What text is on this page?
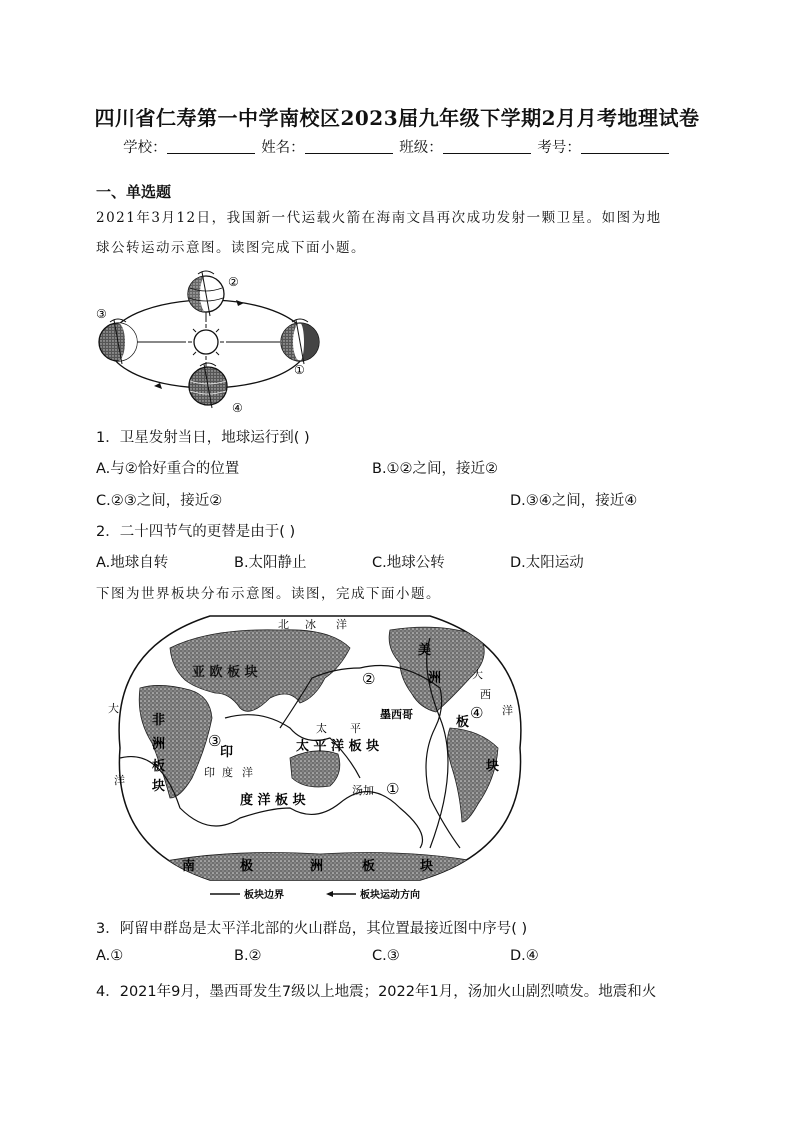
四川省仁寿第一中学南校区2023届九年级下学期2月月考地理试卷
学校：	姓名：	班级：	考号：
一、单选题
2021年3月12日，我国新一代运载火箭在海南文昌再次成功发射一颗卫星。如图为地
球公转运动示意图。读图完成下面小题。
②
③
①
④
1．卫星发射当日，地球运行到( )
A.与②恰好重合的位置	B.①②之间，接近②
C.②③之间，接近②	D.③④之间，接近④
2．二十四节气的更替是由于( )
A.地球自转	B.太阳静止	C.地球公转	D.太阳运动
下图为世界板块分布示意图。读图，完成下面小题。
北 冰 洋
太 平
印 度 洋
大
洋
大
西
洋
亚 欧 板 块
非
洲
板
块
太 平 洋 板 块
印
度 洋 板 块
美
洲
板
块
南	极	洲	板	块
墨西哥
汤加
②
③
①
④
板块边界	板块运动方向
3．阿留申群岛是太平洋北部的火山群岛，其位置最接近图中序号( )
A.①	B.②	C.③	D.④
4．2021年9月，墨西哥发生7级以上地震；2022年1月，汤加火山剧烈喷发。地震和火
